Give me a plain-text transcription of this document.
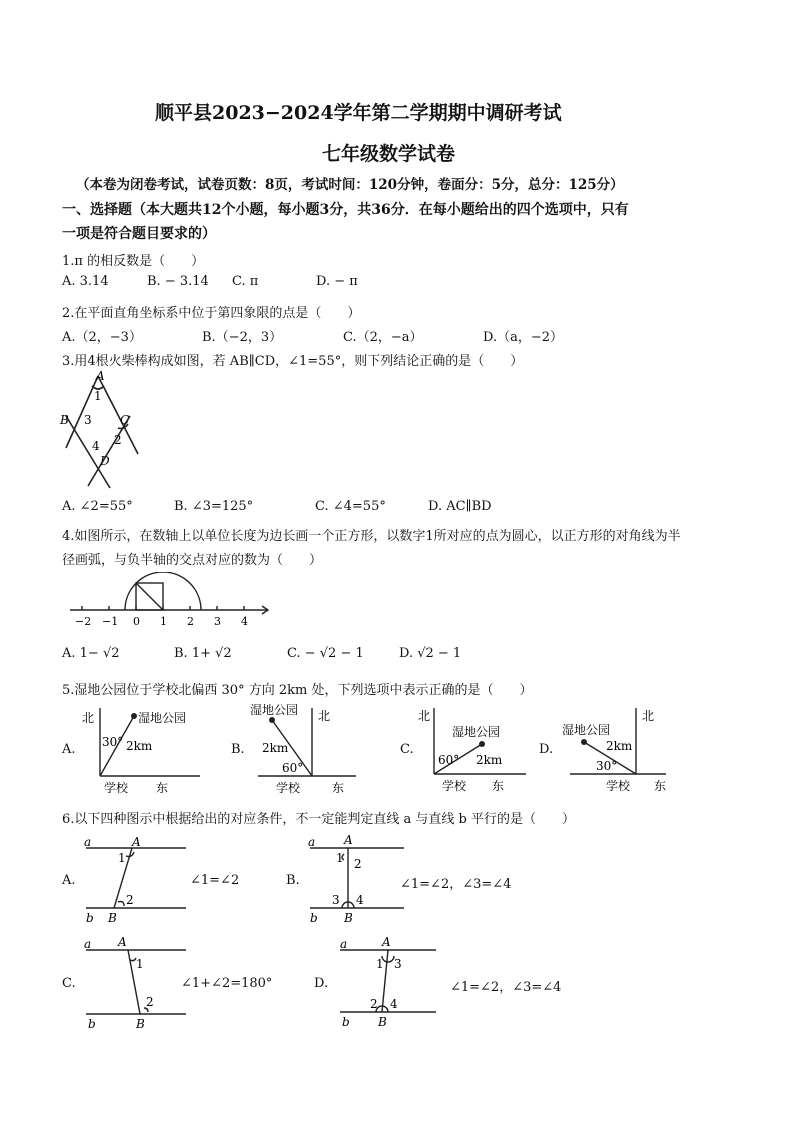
顺平县2023−2024学年第二学期期中调研考试
七年级数学试卷
（本卷为闭卷考试，试卷页数：8页，考试时间：120分钟，卷面分：5分，总分：125分）
一、选择题（本大题共12个小题，每小题3分，共36分．在每小题给出的四个选项中，只有
一项是符合题目要求的）
1.π 的相反数是（　　）
A. 3.14	B. − 3.14 C. π	D. − π
2.在平面直角坐标系中位于第四象限的点是（　　）
A.（2，−3）	B.（−2，3）	C.（2，−a）	D.（a，−2）
3.用4根火柴棒构成如图，若 AB∥CD，∠1=55°，则下列结论正确的是（　　）
A
1
B 3 C
2
4
D
A. ∠2=55°	B. ∠3=125°	C. ∠4=55°	D. AC∥BD
4.如图所示，在数轴上以单位长度为边长画一个正方形，以数字1所对应的点为圆心，以正方形的对角线为半
径画弧，与负半轴的交点对应的数为（　　）
−2 −1 0 1 2 3 4
A. 1− √2	B. 1+ √2	C. − √2 − 1	D. √2 − 1
5.湿地公园位于学校北偏西 30° 方向 2km 处，下列选项中表示正确的是（　　）
A.
北	湿地公园
30° 2km
学校 东
B.
湿地公园 北
2km
60°
学校	东
C.
北
湿地公园
60° 2km
学校 东
D.
湿地公园
北
2km
30°
学校 东
6.以下四种图示中根据给出的对应条件，不一定能判定直线 a 与直线 b 平行的是（　　）
A.
a	A
1
2
b B
∠1=∠2	B.
a A
1 2
3 4
b B
∠1=∠2，∠3=∠4
C.
a A
1
2
b	B
∠1+∠2=180°	D.
a	A
1 3
2 4
b B
∠1=∠2，∠3=∠4
